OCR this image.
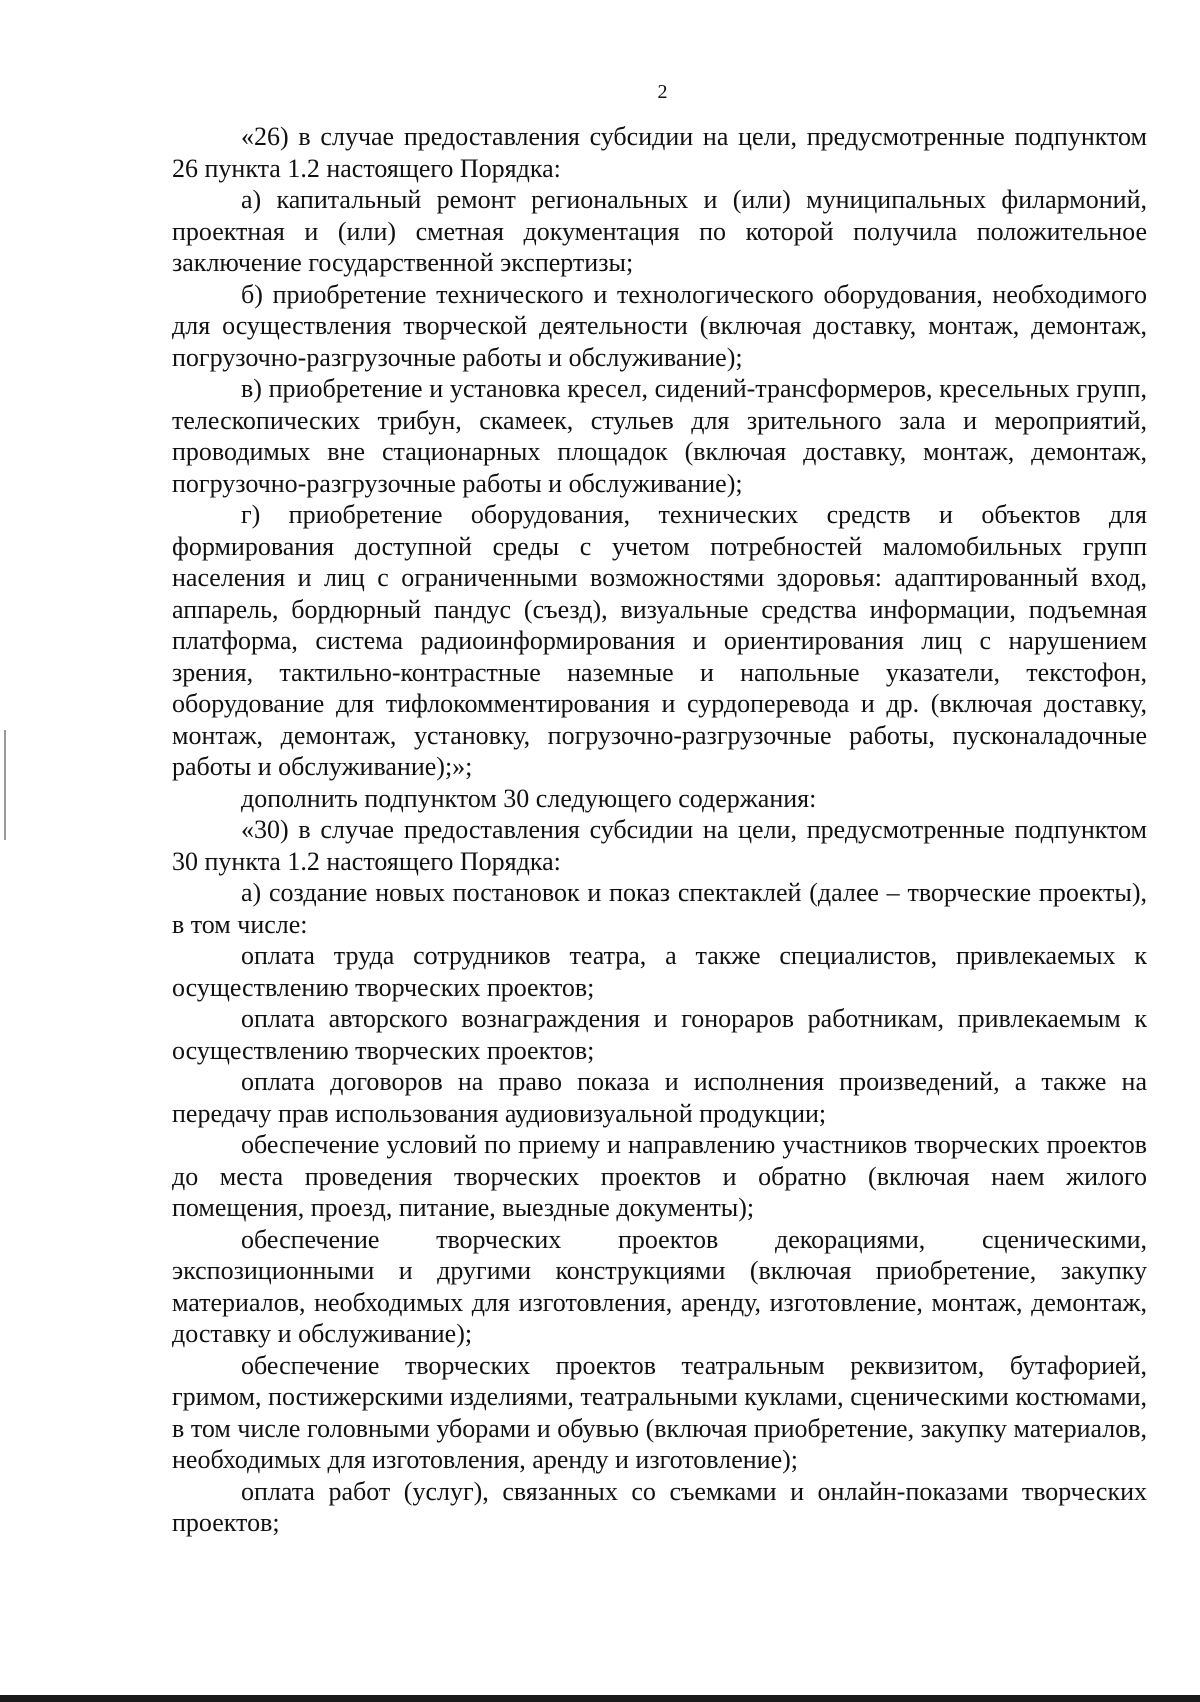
2

«26) в случае предоставления субсидии на цели, предусмотренные подпунктом 26 пункта 1.2 настоящего Порядка:

а) капитальный ремонт региональных и (или) муниципальных филармоний, проектная и (или) сметная документация по которой получила положительное заключение государственной экспертизы;

б) приобретение технического и технологического оборудования, необходимого для осуществления творческой деятельности (включая доставку, монтаж, демонтаж, погрузочно-разгрузочные работы и обслуживание);

в) приобретение и установка кресел, сидений-трансформеров, кресельных групп, телескопических трибун, скамеек, стульев для зрительного зала и мероприятий, проводимых вне стационарных площадок (включая доставку, монтаж, демонтаж, погрузочно-разгрузочные работы и обслуживание);

г) приобретение оборудования, технических средств и объектов для формирования доступной среды с учетом потребностей маломобильных групп населения и лиц с ограниченными возможностями здоровья: адаптированный вход, аппарель, бордюрный пандус (съезд), визуальные средства информации, подъемная платформа, система радиоинформирования и ориентирования лиц с нарушением зрения, тактильно-контрастные наземные и напольные указатели, текстофон, оборудование для тифлокомментирования и сурдоперевода и др. (включая доставку, монтаж, демонтаж, установку, погрузочно-разгрузочные работы, пусконаладочные работы и обслуживание);»;

дополнить подпунктом 30 следующего содержания:

«30) в случае предоставления субсидии на цели, предусмотренные подпунктом 30 пункта 1.2 настоящего Порядка:

а) создание новых постановок и показ спектаклей (далее – творческие проекты), в том числе:

оплата труда сотрудников театра, а также специалистов, привлекаемых к осуществлению творческих проектов;

оплата авторского вознаграждения и гонораров работникам, привлекаемым к осуществлению творческих проектов;

оплата договоров на право показа и исполнения произведений, а также на передачу прав использования аудиовизуальной продукции;

обеспечение условий по приему и направлению участников творческих проектов до места проведения творческих проектов и обратно (включая наем жилого помещения, проезд, питание, выездные документы);

обеспечение творческих проектов декорациями, сценическими, экспозиционными и другими конструкциями (включая приобретение, закупку материалов, необходимых для изготовления, аренду, изготовление, монтаж, демонтаж, доставку и обслуживание);

обеспечение творческих проектов театральным реквизитом, бутафорией, гримом, постижерскими изделиями, театральными куклами, сценическими костюмами, в том числе головными уборами и обувью (включая приобретение, закупку материалов, необходимых для изготовления, аренду и изготовление);

оплата работ (услуг), связанных со съемками и онлайн-показами творческих проектов;
